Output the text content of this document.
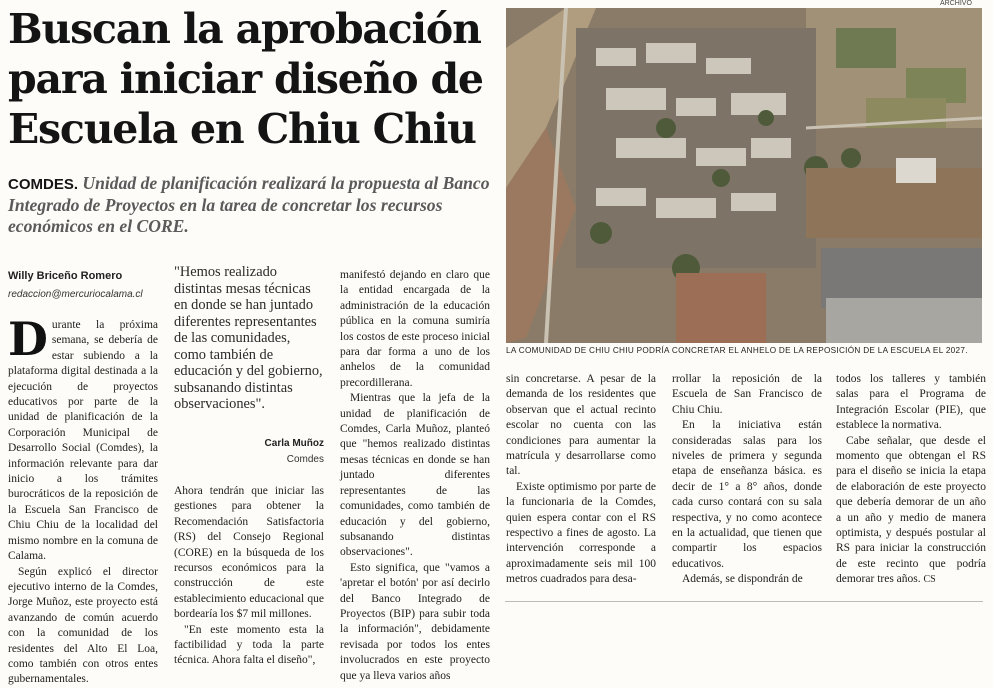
Buscan la aprobación
para iniciar diseño de
Escuela en Chiu Chiu
COMDES. Unidad de planificación realizará la propuesta al Banco Integrado de Proyectos en la tarea de concretar los recursos económicos en el CORE.
Willy Briceño Romero
redaccion@mercuriocalama.cl

Durante la próxima semana, se debería de estar subiendo a la plataforma digital destinada a la ejecución de proyectos educativos por parte de la unidad de planificación de la Corporación Municipal de Desarrollo Social (Comdes), la información relevante para dar inicio a los trámites burocráticos de la reposición de la Escuela San Francisco de Chiu Chiu de la localidad del mismo nombre en la comuna de Calama.

Según explicó el director ejecutivo interno de la Comdes, Jorge Muñoz, este proyecto está avanzando de común acuerdo con la comunidad de los residentes del Alto El Loa, como también con otros entes gubernamentales.

"Hemos realizado distintas mesas técnicas en donde se han juntado diferentes representantes de las comunidades, como también de educación y del gobierno, subsanando distintas observaciones".
Carla Muñoz
Comdes

Ahora tendrán que iniciar las gestiones para obtener la Recomendación Satisfactoria (RS) del Consejo Regional (CORE) en la búsqueda de los recursos económicos para la construcción de este establecimiento educacional que bordearía los $7 mil millones.

"En este momento esta la factibilidad y toda la parte técnica. Ahora falta el diseño",

manifestó dejando en claro que la entidad encargada de la administración de la educación pública en la comuna sumiría los costos de este proceso inicial para dar forma a uno de los anhelos de la comunidad precordillerana.

Mientras que la jefa de la unidad de planificación de Comdes, Carla Muñoz, planteó que "hemos realizado distintas mesas técnicas en donde se han juntado diferentes representantes de las comunidades, como también de educación y del gobierno, subsanando distintas observaciones".

Esto significa, que "vamos a 'apretar el botón' por así decirlo del Banco Integrado de Proyectos (BIP) para subir toda la información", debidamente revisada por todos los entes involucrados en este proyecto que ya lleva varios años

ARCHIVO
LA COMUNIDAD DE CHIU CHIU PODRÍA CONCRETAR EL ANHELO DE LA REPOSICIÓN DE LA ESCUELA EL 2027.

sin concretarse. A pesar de la demanda de los residentes que observan que el actual recinto escolar no cuenta con las condiciones para aumentar la matrícula y desarrollarse como tal.

Existe optimismo por parte de la funcionaria de la Comdes, quien espera contar con el RS respectivo a fines de agosto. La intervención corresponde a aproximadamente seis mil 100 metros cuadrados para desa-

rrollar la reposición de la Escuela de San Francisco de Chiu Chiu.

En la iniciativa están consideradas salas para los niveles de primera y segunda etapa de enseñanza básica. es decir de 1° a 8° años, donde cada curso contará con su sala respectiva, y no como acontece en la actualidad, que tienen que compartir los espacios educativos.

Además, se dispondrán de

todos los talleres y también salas para el Programa de Integración Escolar (PIE), que establece la normativa.

Cabe señalar, que desde el momento que obtengan el RS para el diseño se inicia la etapa de elaboración de este proyecto que debería demorar de un año a un año y medio de manera optimista, y después postular al RS para iniciar la construcción de este recinto que podría demorar tres años. CS
